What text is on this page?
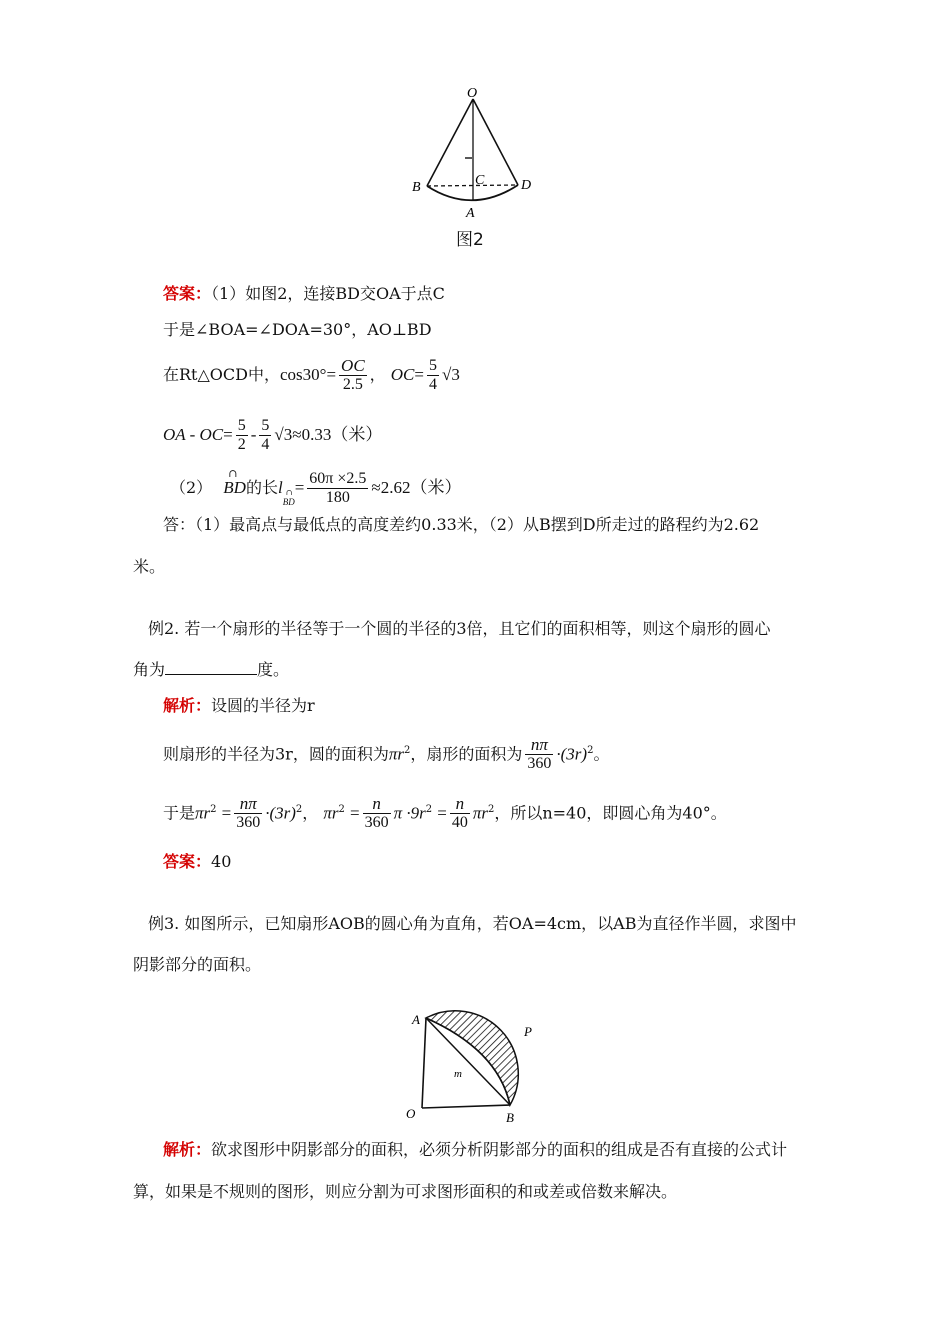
O
B	C	D
A
图2
答案：（1）如图2，连接BD交OA于点C
于是∠BOA=∠DOA=30°，AO⊥BD
在Rt△OCD中，$\cos 30^\circ= \frac{OC}{2.5}$ ， $OC= \frac{5}{4} √3$
OA - $OC= \frac{5}{2} - \frac{5}{4} √3\approx 0.33$（米）
（2）
∩
BD的长l ∩
$BD= \frac{60\pi \times 2.5}{180} \approx 2.62$（米）
答：（1）最高点与最低点的高度差约0.33米，（2）从B摆到D所走过的路程约为2.62
米。
例2. 若一个扇形的半径等于一个圆的半径的3倍，且它们的面积相等，则这个扇形的圆心
角为	度。
解析：设圆的半径为r
则扇形的半径为3r，圆的面积为$\pi r^2$，扇形的面积为 $\frac{n\pi}{360} \cdot(3r)^2$。
于是$\pi r^2 = \frac{n\pi}{360} \cdot(3r)^2$， $\pi r^2 = \frac{n}{360}$ $\pi \cdot 9r^2 = \frac{n}{40} \pi r^2$，所以n=40，即圆心角为40°。
答案：40
例3. 如图所示，已知扇形AOB的圆心角为直角，若OA=4cm，以AB为直径作半圆，求图中
阴影部分的面积。
A
P
m
O	B
解析：欲求图形中阴影部分的面积，必须分析阴影部分的面积的组成是否有直接的公式计
算，如果是不规则的图形，则应分割为可求图形面积的和或差或倍数来解决。
